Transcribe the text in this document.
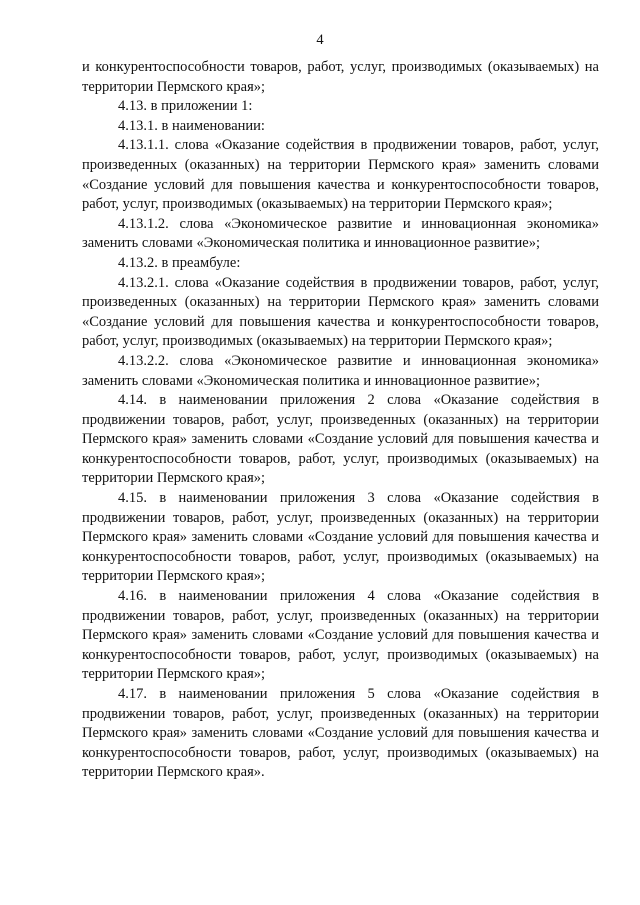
4

и конкурентоспособности товаров, работ, услуг, производимых (оказываемых) на территории Пермского края»;

4.13. в приложении 1:

4.13.1. в наименовании:

4.13.1.1. слова «Оказание содействия в продвижении товаров, работ, услуг, произведенных (оказанных) на территории Пермского края» заменить словами «Создание условий для повышения качества и конкурентоспособности товаров, работ, услуг, производимых (оказываемых) на территории Пермского края»;

4.13.1.2. слова «Экономическое развитие и инновационная экономика» заменить словами «Экономическая политика и инновационное развитие»;

4.13.2. в преамбуле:

4.13.2.1. слова «Оказание содействия в продвижении товаров, работ, услуг, произведенных (оказанных) на территории Пермского края» заменить словами «Создание условий для повышения качества и конкурентоспособности товаров, работ, услуг, производимых (оказываемых) на территории Пермского края»;

4.13.2.2. слова «Экономическое развитие и инновационная экономика» заменить словами «Экономическая политика и инновационное развитие»;

4.14. в наименовании приложения 2 слова «Оказание содействия в продвижении товаров, работ, услуг, произведенных (оказанных) на территории Пермского края» заменить словами «Создание условий для повышения качества и конкурентоспособности товаров, работ, услуг, производимых (оказываемых) на территории Пермского края»;

4.15. в наименовании приложения 3 слова «Оказание содействия в продвижении товаров, работ, услуг, произведенных (оказанных) на территории Пермского края» заменить словами «Создание условий для повышения качества и конкурентоспособности товаров, работ, услуг, производимых (оказываемых) на территории Пермского края»;

4.16. в наименовании приложения 4 слова «Оказание содействия в продвижении товаров, работ, услуг, произведенных (оказанных) на территории Пермского края» заменить словами «Создание условий для повышения качества и конкурентоспособности товаров, работ, услуг, производимых (оказываемых) на территории Пермского края»;

4.17. в наименовании приложения 5 слова «Оказание содействия в продвижении товаров, работ, услуг, произведенных (оказанных) на территории Пермского края» заменить словами «Создание условий для повышения качества и конкурентоспособности товаров, работ, услуг, производимых (оказываемых) на территории Пермского края».
